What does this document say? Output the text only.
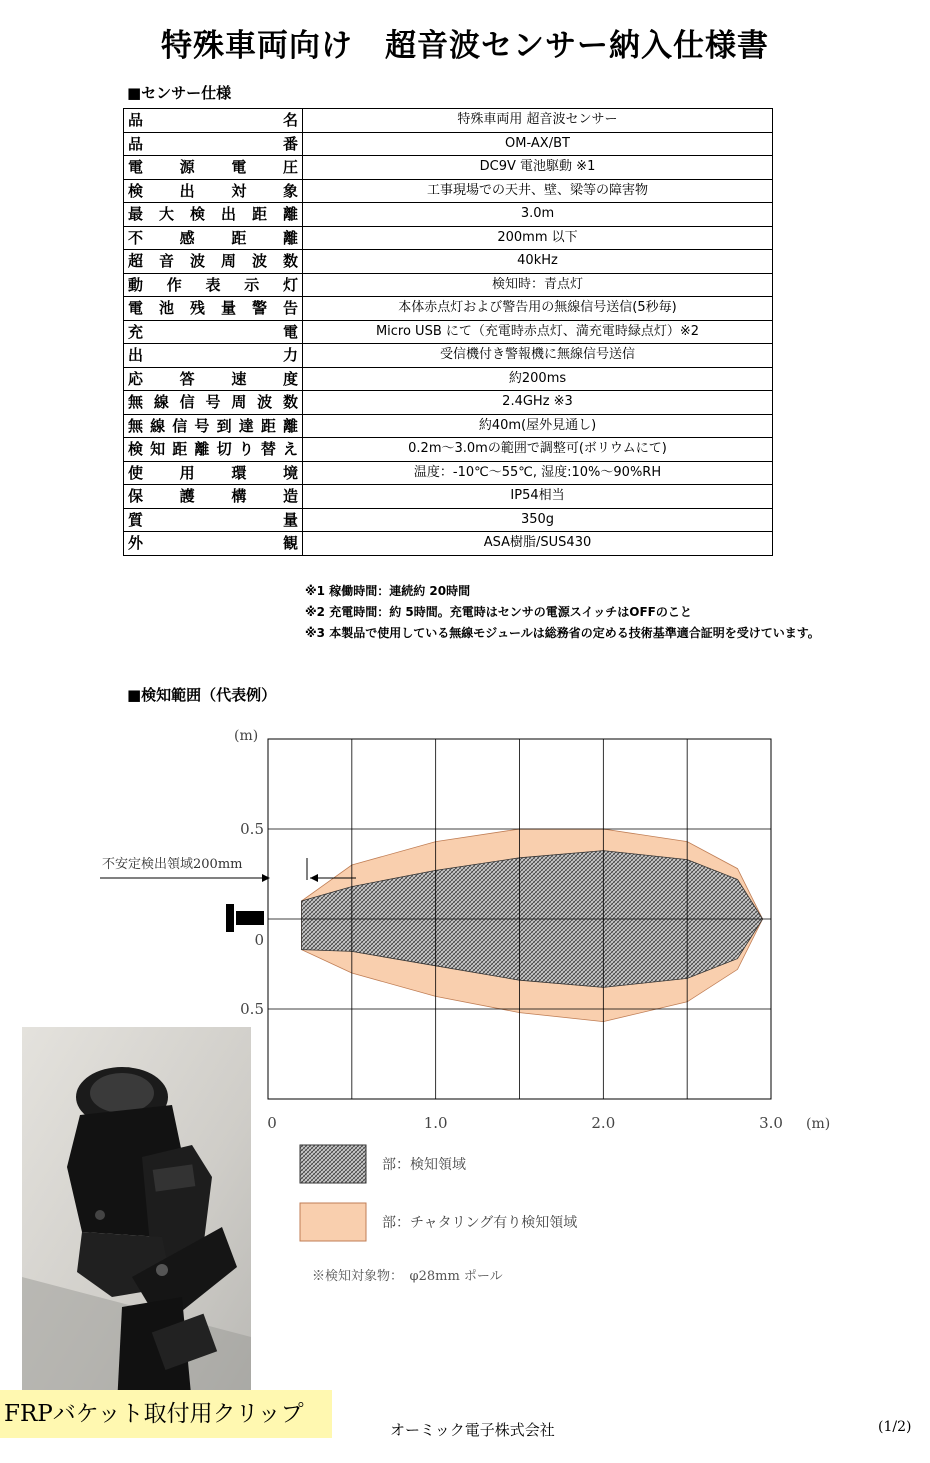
特殊車両向け　超音波センサー納入仕様書
■センサー仕様
品名	特殊車両用 超音波センサー
品番	OM-AX/BT
電源電圧	DC9V 電池駆動 ※1
検出対象	工事現場での天井、壁、梁等の障害物
最大検出距離	3.0m
不感距離	200mm 以下
超音波周波数	40kHz
動作表示灯	検知時：青点灯
電池残量警告	本体赤点灯および警告用の無線信号送信(5秒毎)
充電	Micro USB にて（充電時赤点灯、満充電時緑点灯）※2
出力	受信機付き警報機に無線信号送信
応答速度	約200ms
無線信号周波数	2.4GHz ※3
無線信号到達距離	約40m(屋外見通し)
検知距離切り替え	0.2m〜3.0mの範囲で調整可(ボリウムにて)
使用環境	温度：-10℃〜55℃, 湿度:10%〜90%RH
保護構造	IP54相当
質量	350g
外観	ASA樹脂/SUS430
※1 稼働時間：連続約 20時間
※2 充電時間：約 5時間。充電時はセンサの電源スイッチはOFFのこと
※3 本製品で使用している無線モジュールは総務省の定める技術基準適合証明を受けています。
■検知範囲（代表例）
0	1.0	2.0	3.0
0.5
0
0.5
(m)
(m)
不安定検出領域200mm
部：検知領域
部：チャタリング有り検知領域
※検知対象物：　φ28mm ポール
FRPバケット取付用クリップ
オーミック電子株式会社	(1/2)
